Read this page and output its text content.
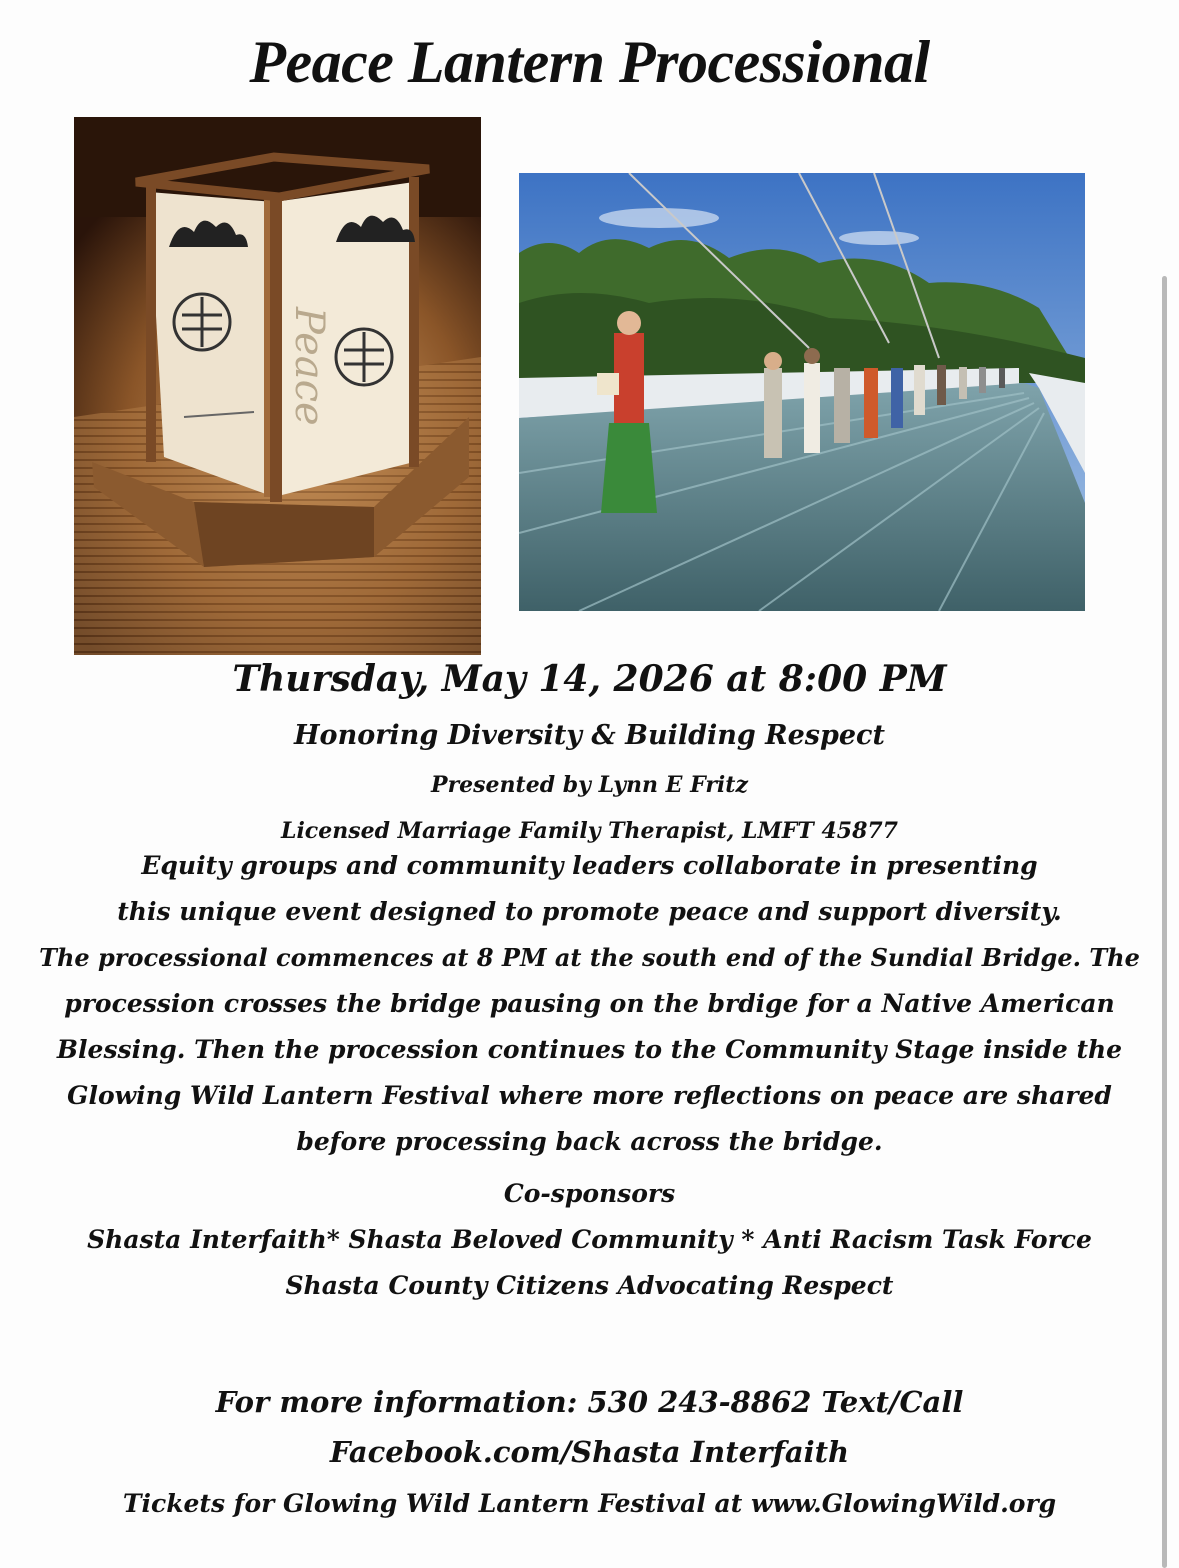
Peace Lantern Processional
Peace
Thursday, May 14, 2026 at 8:00 PM
Honoring Diversity & Building Respect
Presented by Lynn E Fritz
Licensed Marriage Family Therapist, LMFT 45877
Equity groups and community leaders collaborate in presenting
this unique event designed to promote peace and support diversity.
The processional commences at 8 PM at the south end of the Sundial Bridge. The
procession crosses the bridge pausing on the brdige for a Native American
Blessing. Then the procession continues to the Community Stage inside the
Glowing Wild Lantern Festival where more reflections on peace are shared
before processing back across the bridge.
Co-sponsors
Shasta Interfaith* Shasta Beloved Community * Anti Racism Task Force
Shasta County Citizens Advocating Respect
For more information: 530 243-8862 Text/Call
Facebook.com/Shasta Interfaith
Tickets for Glowing Wild Lantern Festival at www.GlowingWild.org
